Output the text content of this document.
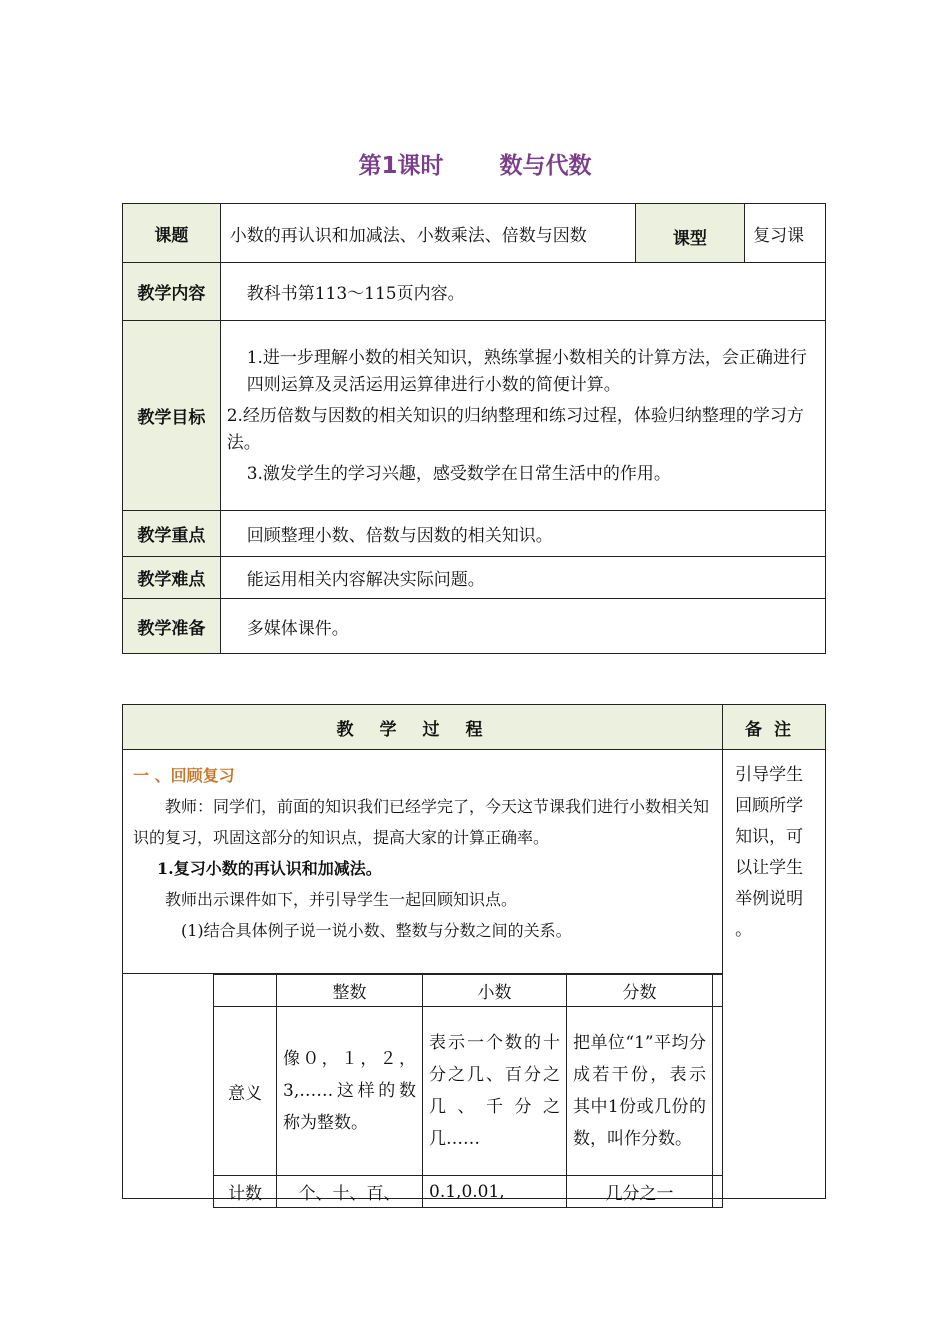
第1课时 数与代数
课题	小数的再认识和加减法、小数乘法、倍数与因数	课型	复习课
教学内容	教科书第113～115页内容。		
教学目标	1.进一步理解小数的相关知识，熟练掌握小数相关的计算方法，会正确进行四则运算及灵活运用运算律进行小数的简便计算。

2.经历倍数与因数的相关知识的归纳整理和练习过程，体验归纳整理的学习方法。

3.激发学生的学习兴趣，感受数学在日常生活中的作用。		

教学重点	回顾整理小数、倍数与因数的相关知识。		
教学难点	能运用相关内容解决实际问题。		
教学准备	多媒体课件。		
教学过程	备注

一 、回顾复习

教师：同学们，前面的知识我们已经学完了，今天这节课我们进行小数相关知识的复习，巩固这部分的知识点，提高大家的计算正确率。

1.复习小数的再认识和加减法。

教师出示课件如下，并引导学生一起回顾知识点。

(1)结合具体例子说一说小数、整数与分数之间的关系。	引导学生回顾所学知识，可以让学生举例说明 。
	整数	小数	分数	
意义	像０，１，２，3,……这样的数称为整数。	表示一个数的十分之几、百分之几、千分之几……	把单位“1”平均分成若干份，表示其中1份或几份的数，叫作分数。	
计数	个、十、百、	0.1,0.01,	几分之一	
